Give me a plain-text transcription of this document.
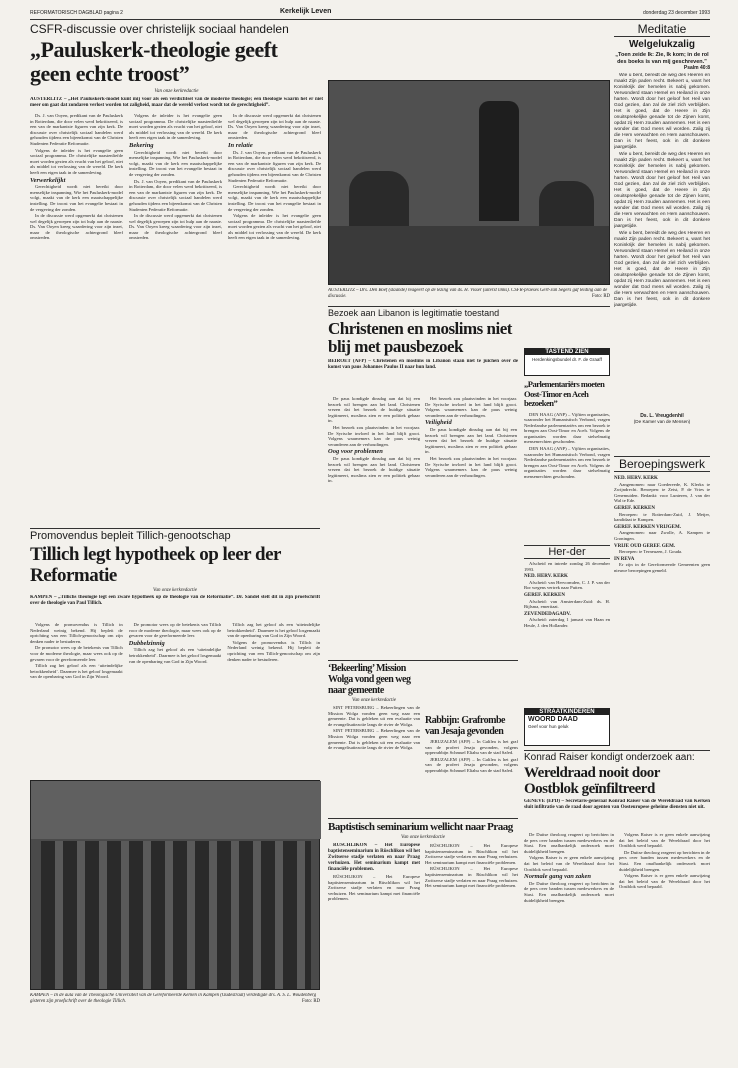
REFORMATORISCH DAGBLAD pagina 2	Kerkelijk Leven	donderdag 23 december 1993
CSFR-discussie over christelijk sociaal handelen
„Pauluskerk-theologie geeft geen echte troost”
Van onze kerkredactie
AUSTERLITZ – „Het Pauluskerk-model kunt mij voor als een verdichtsel van de moderne theologie; een theologie waarin het er niet meer om gaat dat zondaren verlost worden tot zaligheid, maar dat de wereld verlost wordt tot de gerechtigheid”.

Ds. J. van Ooyen, predikant van de Pauluskerk in Rotterdam, die door velen werd bekritiseerd, is een van de markantste figuren van zijn kerk. De discussie over christelijk sociaal handelen werd gehouden tijdens een bijeenkomst van de Christen Studenten Federatie Reformatie.

Volgens de inleider is het evangelie geen sociaal programma. De christelijke naastenliefde moet worden gezien als vrucht van het geloof, niet als middel tot verlossing van de wereld. De kerk heeft een eigen taak in de samenleving.

Verwerkelijkt

Gerechtigheid wordt niet bereikt door menselijke inspanning. Wie het Pauluskerk-model volgt, maakt van de kerk een maatschappelijke instelling. De troost van het evangelie bestaat in de vergeving der zonden.

In de discussie werd opgemerkt dat christenen wel degelijk geroepen zijn tot hulp aan de naaste. Ds. Van Ooyen kreeg waardering voor zijn inzet, maar de theologische achtergrond bleef omstreden.

Volgens de inleider is het evangelie geen sociaal programma. De christelijke naastenliefde moet worden gezien als vrucht van het geloof, niet als middel tot verlossing van de wereld. De kerk heeft een eigen taak in de samenleving.

Bekering

Gerechtigheid wordt niet bereikt door menselijke inspanning. Wie het Pauluskerk-model volgt, maakt van de kerk een maatschappelijke instelling. De troost van het evangelie bestaat in de vergeving der zonden.

Ds. J. van Ooyen, predikant van de Pauluskerk in Rotterdam, die door velen werd bekritiseerd, is een van de markantste figuren van zijn kerk. De discussie over christelijk sociaal handelen werd gehouden tijdens een bijeenkomst van de Christen Studenten Federatie Reformatie.

In de discussie werd opgemerkt dat christenen wel degelijk geroepen zijn tot hulp aan de naaste. Ds. Van Ooyen kreeg waardering voor zijn inzet, maar de theologische achtergrond bleef omstreden.

In de discussie werd opgemerkt dat christenen wel degelijk geroepen zijn tot hulp aan de naaste. Ds. Van Ooyen kreeg waardering voor zijn inzet, maar de theologische achtergrond bleef omstreden.

In relatie

Ds. J. van Ooyen, predikant van de Pauluskerk in Rotterdam, die door velen werd bekritiseerd, is een van de markantste figuren van zijn kerk. De discussie over christelijk sociaal handelen werd gehouden tijdens een bijeenkomst van de Christen Studenten Federatie Reformatie.

Gerechtigheid wordt niet bereikt door menselijke inspanning. Wie het Pauluskerk-model volgt, maakt van de kerk een maatschappelijke instelling. De troost van het evangelie bestaat in de vergeving der zonden.

Volgens de inleider is het evangelie geen sociaal programma. De christelijke naastenliefde moet worden gezien als vrucht van het geloof, niet als middel tot verlossing van de wereld. De kerk heeft een eigen taak in de samenleving.

AUSTERLITZ – Drs. Den Boef (staande) reageert op de lezing van ds. H. Visser (uiterst links). CSFR-praeses Gert-Jan Segers gaf leiding aan de discussie.	Foto: RD
Bezoek aan Libanon is legitimatie toestand
Christenen en moslims niet blij met pausbezoek
BEIROET (AFP) – Christenen en moslims in Libanon staan niet te juichen over de komst van paus Johannes Paulus II naar hun land.

De paus kondigde dinsdag aan dat hij een bezoek wil brengen aan het land. Christenen vrezen dat het bezoek de huidige situatie legitimeert, moslims zien er een politiek gebaar in.

Het bezoek zou plaatsvinden in het voorjaar. De Syrische invloed in het land blijft groot. Volgens waarnemers kan de paus weinig veranderen aan de verhoudingen.

Oog voor problemen

De paus kondigde dinsdag aan dat hij een bezoek wil brengen aan het land. Christenen vrezen dat het bezoek de huidige situatie legitimeert, moslims zien er een politiek gebaar in.

Het bezoek zou plaatsvinden in het voorjaar. De Syrische invloed in het land blijft groot. Volgens waarnemers kan de paus weinig veranderen aan de verhoudingen.

Veiligheid

De paus kondigde dinsdag aan dat hij een bezoek wil brengen aan het land. Christenen vrezen dat het bezoek de huidige situatie legitimeert, moslims zien er een politiek gebaar in.

Het bezoek zou plaatsvinden in het voorjaar. De Syrische invloed in het land blijft groot. Volgens waarnemers kan de paus weinig veranderen aan de verhoudingen.

TASTEND ZIEN
Herdenkingsbundel dr. F. de Graaff
„Parlementariërs moeten Oost-Timor en Aceh bezoeken”

DEN HAAG (ANP) – Vijftien organisaties, waaronder het Humanistisch Verbond, vragen Nederlandse parlementariërs om een bezoek te brengen aan Oost-Timor en Aceh. Volgens de organisaties worden daar stelselmatig mensenrechten geschonden.

DEN HAAG (ANP) – Vijftien organisaties, waaronder het Humanistisch Verbond, vragen Nederlandse parlementariërs om een bezoek te brengen aan Oost-Timor en Aceh. Volgens de organisaties worden daar stelselmatig mensenrechten geschonden.

Her-der

Afscheid en intrede zondag 26 december 1993.

NED. HERV. KERK

Afscheid: van Hervormden, C. J. P. van der Bor wegens vertrek naar Putten.

GEREF. KERKEN

Afscheid: van Amsterdam-Zuid: ds. H. Bijlsma, emeritaat.

ZEVENDEDAGADV.

Afscheid: zaterdag 1 januari van Haan en Heule, J. den Hollander.

STRAATKINDEREN
WOORD DAAD
Geef voor hun geluk
Meditatie
Welgelukzalig
„Toen zeide Ik: Zie, Ik kom; in de rol des boeks is van mij geschreven.”
Psalm 40:8

Wie u bent, bereidt de weg des Heeren en maakt Zijn paden recht. Bekeert u, want het Koninkrijk der hemelen is nabij gekomen. Verwonderd staan Hemel en Heiland in onze harten. Wordt door het geloof het Heil van God gezien, dan zal de ziel zich verblijden. Het is goed, dat de Heere in Zijn onuitsprekelijke genade tot de Zijnen komt, opdat zij Hem zouden aannemen. Het is een wonder dat God mens wil worden. Zalig zij die Hem verwachten en Hem aanschouwen. Dan is het feest, ook in dit donkere jaargetijde.

Wie u bent, bereidt de weg des Heeren en maakt Zijn paden recht. Bekeert u, want het Koninkrijk der hemelen is nabij gekomen. Verwonderd staan Hemel en Heiland in onze harten. Wordt door het geloof het Heil van God gezien, dan zal de ziel zich verblijden. Het is goed, dat de Heere in Zijn onuitsprekelijke genade tot de Zijnen komt, opdat zij Hem zouden aannemen. Het is een wonder dat God mens wil worden. Zalig zij die Hem verwachten en Hem aanschouwen. Dan is het feest, ook in dit donkere jaargetijde.

Wie u bent, bereidt de weg des Heeren en maakt Zijn paden recht. Bekeert u, want het Koninkrijk der hemelen is nabij gekomen. Verwonderd staan Hemel en Heiland in onze harten. Wordt door het geloof het Heil van God gezien, dan zal de ziel zich verblijden. Het is goed, dat de Heere in Zijn onuitsprekelijke genade tot de Zijnen komt, opdat zij Hem zouden aannemen. Het is een wonder dat God mens wil worden. Zalig zij die Hem verwachten en Hem aanschouwen. Dan is het feest, ook in dit donkere jaargetijde.

Ds. L. Vreugdenhil
(De Kamer van de Mensen)
Beroepingswerk
NED. HERV. KERK

Aangenomen: naar Goedereede, K. Klerkx te Zwijndrecht. Beroepen: te Zeist, P. de Vries te Genemuiden. Bedankt: voor Lunteren, J. van der Wal te Ede.

GEREF. KERKEN

Beroepen: te Rotterdam-Zuid, J. Meijer, kandidaat te Kampen.

GEREF. KERKEN VRIJGEM.

Aangenomen: naar Zwolle, A. Kampen te Groningen.

VRIJE OUD GEREF. GEM.

Beroepen: te Terneuzen, J. Gouda.

IN REVA

Er zijn in de Gereformeerde Gemeenten geen nieuwe beroepingen gemeld.

Promovendus bepleit Tillich-genootschap
Tillich legt hypotheek op leer der Reformatie
Van onze kerkredactie
KAMPEN – „Tillichs theologie legt een zware hypotheek op de theologie van de Reformatie”. Dr. Sandel stelt dit in zijn proefschrift over de theologie van Paul Tillich.

Volgens de promovendus is Tillich in Nederland weinig bekend. Hij bepleit de oprichting van een Tillich-genootschap om zijn denken nader te bestuderen.

De promotor wees op de betekenis van Tillich voor de moderne theologie, maar wees ook op de gevaren voor de gereformeerde leer.

Tillich zag het geloof als een ‘uiteindelijke betrokkenheid’. Daarmee is het geloof losgemaakt van de openbaring van God in Zijn Woord.

De promotor wees op de betekenis van Tillich voor de moderne theologie, maar wees ook op de gevaren voor de gereformeerde leer.

Dubbelzinnig

Tillich zag het geloof als een ‘uiteindelijke betrokkenheid’. Daarmee is het geloof losgemaakt van de openbaring van God in Zijn Woord.

Tillich zag het geloof als een ‘uiteindelijke betrokkenheid’. Daarmee is het geloof losgemaakt van de openbaring van God in Zijn Woord.

Volgens de promovendus is Tillich in Nederland weinig bekend. Hij bepleit de oprichting van een Tillich-genootschap om zijn denken nader te bestuderen.

KAMPEN – In de aula van de Theologische Universiteit van de Gereformeerde Kerken in Kampen (Oudestraat) verdedigde drs. A. S. L. Woudenberg gisteren zijn proefschrift over de theologie Tillich.	Foto: RD
‘Bekeerling’ Mission Wolga vond geen weg naar gemeente
Van onze kerkredactie

SINT PETERSBURG – Bekeerlingen van de Mission Wolga vonden geen weg naar een gemeente. Dat is gebleken uit een evaluatie van de evangelisatieactie langs de rivier de Wolga.

SINT PETERSBURG – Bekeerlingen van de Mission Wolga vonden geen weg naar een gemeente. Dat is gebleken uit een evaluatie van de evangelisatieactie langs de rivier de Wolga.

Rabbijn: Grafrombe van Jesaja gevonden

JERUZALEM (AFP) – In Galilea is het graf van de profeet Jesaja gevonden, volgens opperrabbijn Schmuel Eliahu van de stad Safed.

JERUZALEM (AFP) – In Galilea is het graf van de profeet Jesaja gevonden, volgens opperrabbijn Schmuel Eliahu van de stad Safed.

Konrad Raiser kondigt onderzoek aan:
Wereldraad nooit door Oostblok geïnfiltreerd
GENEVE (EPD) – Secretaris-generaal Konrad Raiser van de Wereldraad van Kerken sluit infiltratie van de raad door agenten van Oosteuropese geheime diensten niet uit.

De Duitse theoloog reageert op berichten in de pers over banden tussen medewerkers en de Stasi. Een onafhankelijk onderzoek moet duidelijkheid brengen.

Volgens Raiser is er geen enkele aanwijzing dat het beleid van de Wereldraad door het Oostblok werd bepaald.

Normale gang van zaken

De Duitse theoloog reageert op berichten in de pers over banden tussen medewerkers en de Stasi. Een onafhankelijk onderzoek moet duidelijkheid brengen.

Volgens Raiser is er geen enkele aanwijzing dat het beleid van de Wereldraad door het Oostblok werd bepaald.

De Duitse theoloog reageert op berichten in de pers over banden tussen medewerkers en de Stasi. Een onafhankelijk onderzoek moet duidelijkheid brengen.

Volgens Raiser is er geen enkele aanwijzing dat het beleid van de Wereldraad door het Oostblok werd bepaald.

Baptistisch seminarium wellicht naar Praag
Van onze kerkredactie

RÜSCHLIKON – Het Europese baptistenseminarium in Rüschlikon wil het Zwitserse stadje verlaten en naar Praag verhuizen. Het seminarium kampt met financiële problemen.

RÜSCHLIKON – Het Europese baptistenseminarium in Rüschlikon wil het Zwitserse stadje verlaten en naar Praag verhuizen. Het seminarium kampt met financiële problemen.

RÜSCHLIKON – Het Europese baptistenseminarium in Rüschlikon wil het Zwitserse stadje verlaten en naar Praag verhuizen. Het seminarium kampt met financiële problemen.

RÜSCHLIKON – Het Europese baptistenseminarium in Rüschlikon wil het Zwitserse stadje verlaten en naar Praag verhuizen. Het seminarium kampt met financiële problemen.
